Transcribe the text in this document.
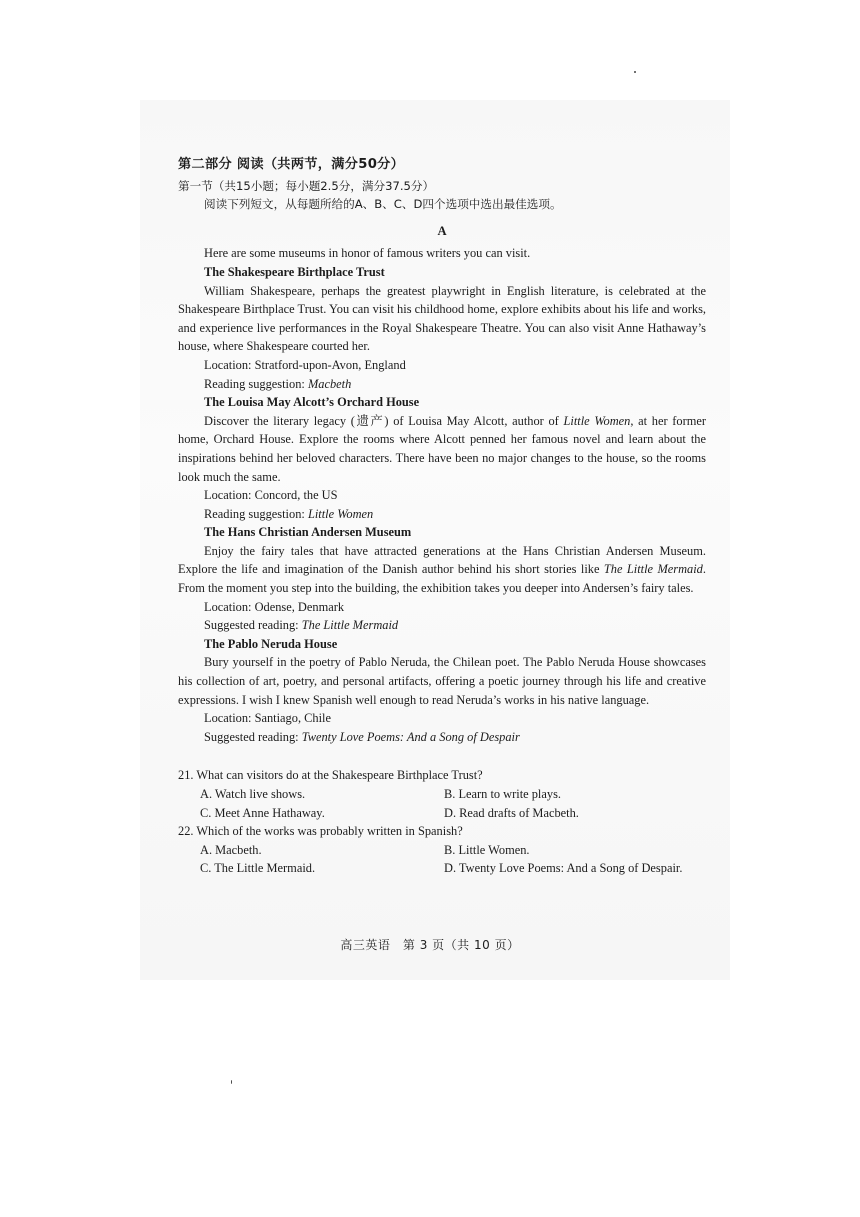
第二部分 阅读（共两节，满分50分）

第一节（共15小题；每小题2.5分，满分37.5分）

阅读下列短文，从每题所给的A、B、C、D四个选项中选出最佳选项。

A

Here are some museums in honor of famous writers you can visit.

The Shakespeare Birthplace Trust

William Shakespeare, perhaps the greatest playwright in English literature, is celebrated at the Shakespeare Birthplace Trust. You can visit his childhood home, explore exhibits about his life and works, and experience live performances in the Royal Shakespeare Theatre. You can also visit Anne Hathaway’s house, where Shakespeare courted her.

Location: Stratford-upon-Avon, England

Reading suggestion: Macbeth

The Louisa May Alcott’s Orchard House

Discover the literary legacy (遗产) of Louisa May Alcott, author of Little Women, at her former home, Orchard House. Explore the rooms where Alcott penned her famous novel and learn about the inspirations behind her beloved characters. There have been no major changes to the house, so the rooms look much the same.

Location: Concord, the US

Reading suggestion: Little Women

The Hans Christian Andersen Museum

Enjoy the fairy tales that have attracted generations at the Hans Christian Andersen Museum. Explore the life and imagination of the Danish author behind his short stories like The Little Mermaid. From the moment you step into the building, the exhibition takes you deeper into Andersen’s fairy tales.

Location: Odense, Denmark

Suggested reading: The Little Mermaid

The Pablo Neruda House

Bury yourself in the poetry of Pablo Neruda, the Chilean poet. The Pablo Neruda House showcases his collection of art, poetry, and personal artifacts, offering a poetic journey through his life and creative expressions. I wish I knew Spanish well enough to read Neruda’s works in his native language.

Location: Santiago, Chile

Suggested reading: Twenty Love Poems: And a Song of Despair

21. What can visitors do at the Shakespeare Birthplace Trust?

A. Watch live shows.	B. Learn to write plays.
C. Meet Anne Hathaway.	D. Read drafts of Macbeth.

22. Which of the works was probably written in Spanish?

A. Macbeth.	B. Little Women.
C. The Little Mermaid.	D. Twenty Love Poems: And a Song of Despair.
高三英语　第 3 页（共 10 页）
